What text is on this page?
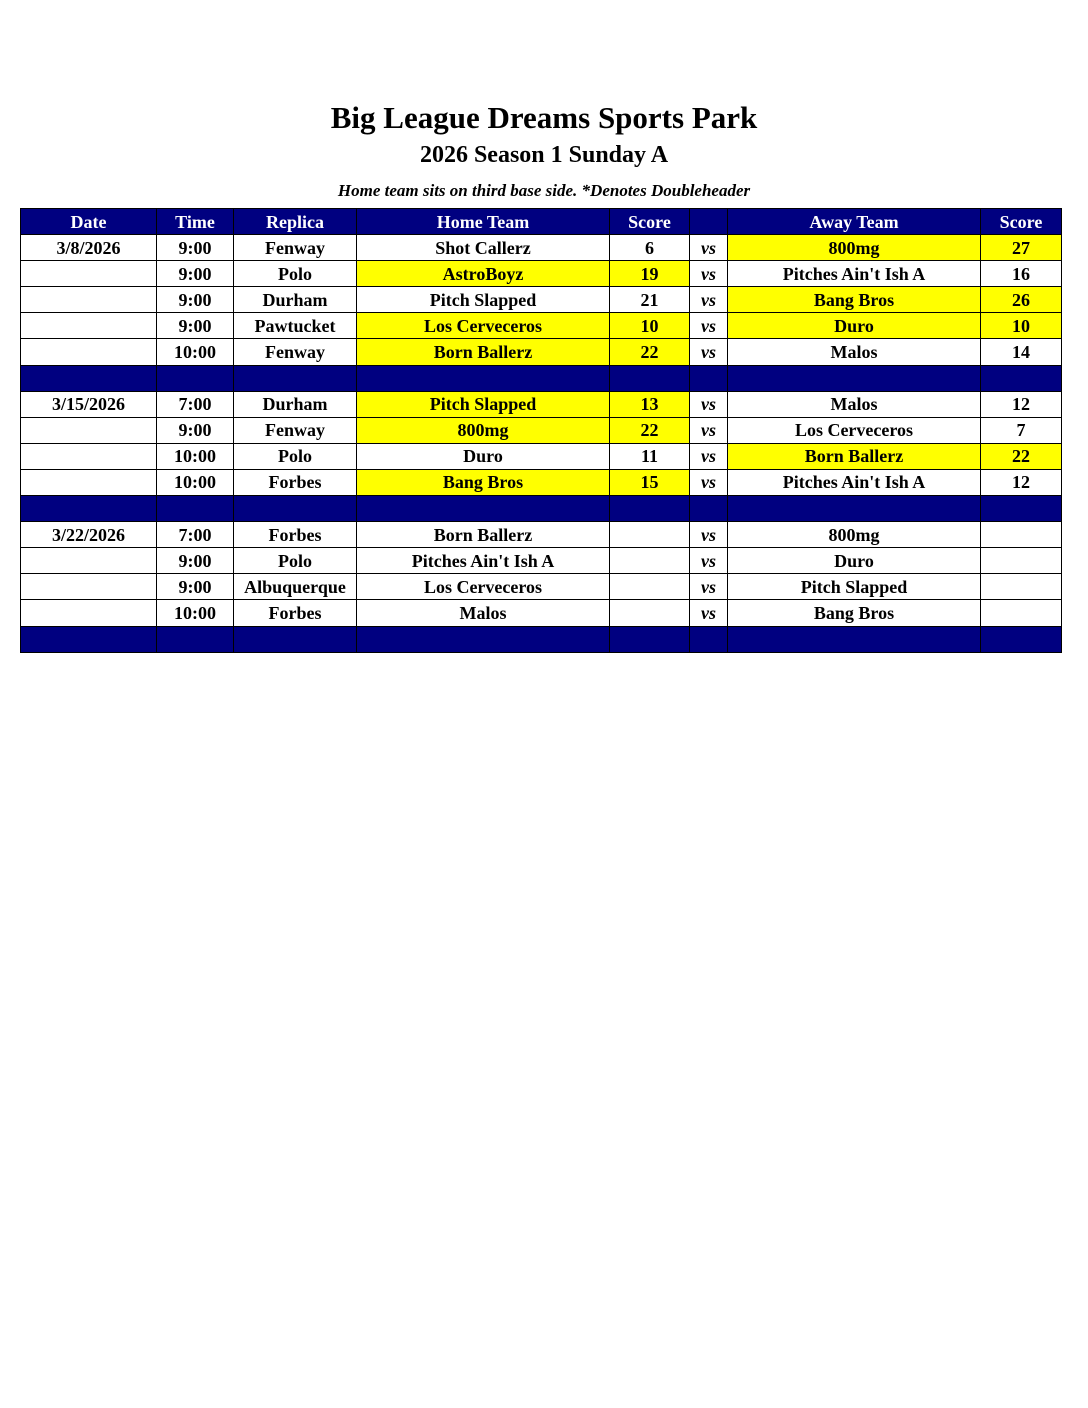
Big League Dreams Sports Park
2026 Season 1 Sunday A
Home team sits on third base side. *Denotes Doubleheader
Date	Time	Replica	Home Team	Score		Away Team	Score
3/8/2026	9:00	Fenway	Shot Callerz	6	vs	800mg	27
	9:00	Polo	AstroBoyz	19	vs	Pitches Ain't Ish A	16
	9:00	Durham	Pitch Slapped	21	vs	Bang Bros	26
	9:00	Pawtucket	Los Cerveceros	10	vs	Duro	10
	10:00	Fenway	Born Ballerz	22	vs	Malos	14

3/15/2026	7:00	Durham	Pitch Slapped	13	vs	Malos	12
	9:00	Fenway	800mg	22	vs	Los Cerveceros	7
	10:00	Polo	Duro	11	vs	Born Ballerz	22
	10:00	Forbes	Bang Bros	15	vs	Pitches Ain't Ish A	12

3/22/2026	7:00	Forbes	Born Ballerz		vs	800mg	
	9:00	Polo	Pitches Ain't Ish A		vs	Duro	
	9:00	Albuquerque	Los Cerveceros		vs	Pitch Slapped	
	10:00	Forbes	Malos		vs	Bang Bros	
